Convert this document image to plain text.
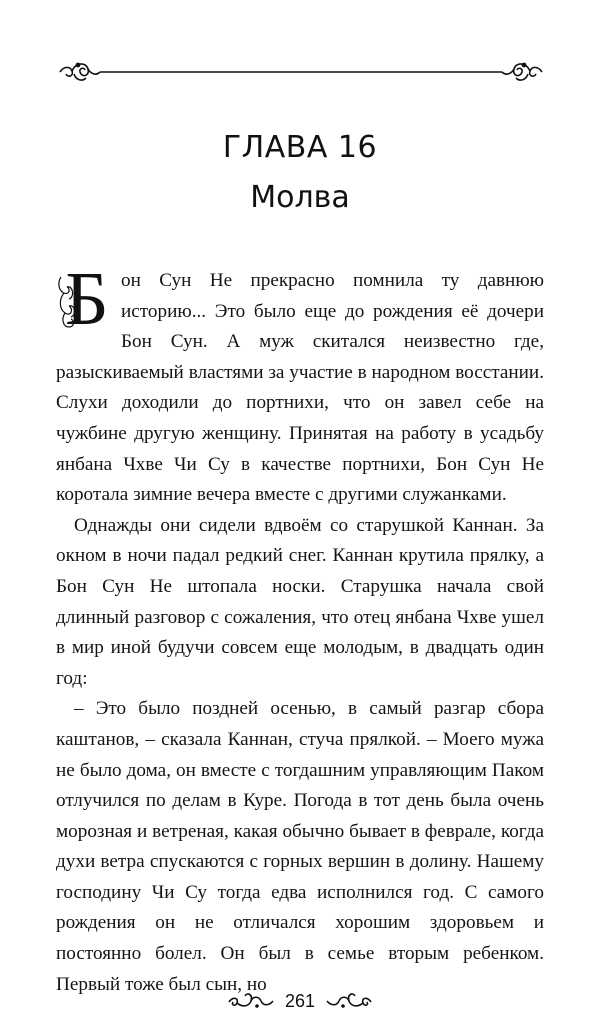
ГЛАВА 16
Молва

Б он Сун Не прекрасно помнила ту давнюю историю... Это было еще до рождения её дочери Бон Сун. А муж скитался неизвестно где, разыскиваемый властями за участие в народном восстании. Слухи доходили до портнихи, что он завел себе на чужбине другую женщину. Принятая на работу в усадьбу янбана Чхве Чи Су в качестве портнихи, Бон Сун Не коротала зимние вечера вместе с другими служанками.

Однажды они сидели вдвоём со старушкой Каннан. За окном в ночи падал редкий снег. Каннан крутила прялку, а Бон Сун Не штопала носки. Старушка начала свой длинный разговор с сожаления, что отец янбана Чхве ушел в мир иной будучи совсем еще молодым, в двадцать один год:

– Это было поздней осенью, в самый разгар сбора каштанов, – сказала Каннан, стуча прялкой. – Моего мужа не было дома, он вместе с тогдашним управляющим Паком отлучился по делам в Куре. Погода в тот день была очень морозная и ветреная, какая обычно бывает в феврале, когда духи ветра спускаются с горных вершин в долину. Нашему господину Чи Су тогда едва исполнился год. С самого рождения он не отличался хорошим здоровьем и постоянно болел. Он был в семье вторым ребенком. Первый тоже был сын, но

261
